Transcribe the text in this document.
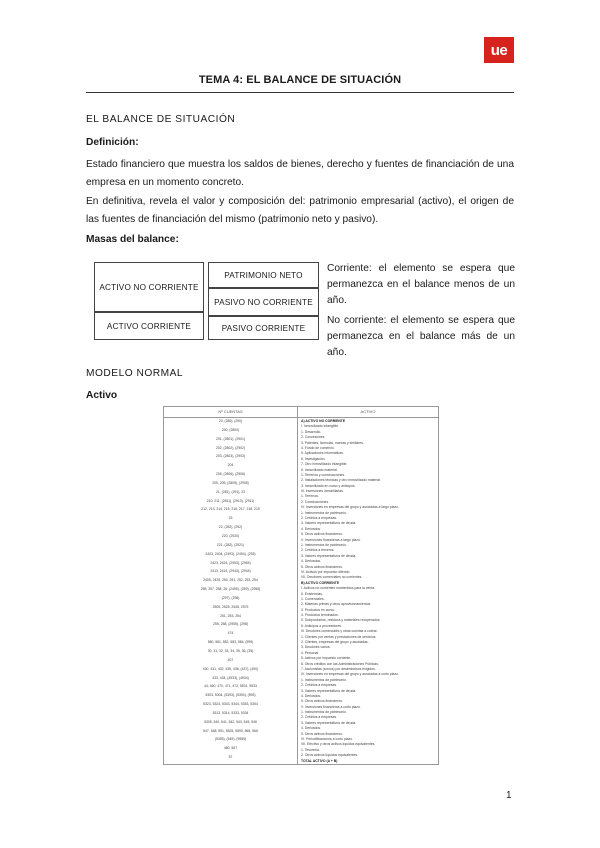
ue
TEMA 4: EL BALANCE DE SITUACIÓN

EL BALANCE DE SITUACIÓN

Definición:

Estado financiero que muestra los saldos de bienes, derecho y fuentes de financiación de una empresa en un momento concreto.

En definitiva, revela el valor y composición del: patrimonio empresarial (activo), el origen de las fuentes de financiación del mismo (patrimonio neto y pasivo).

Masas del balance:

ACTIVO NO CORRIENTE
ACTIVO CORRIENTE
PATRIMONIO NETO
PASIVO NO CORRIENTE
PASIVO CORRIENTE
Corriente: el elemento se espera que permanezca en el balance menos de un año.
No corriente: el elemento se espera que permanezca en el balance más de un año.

MODELO NORMAL

Activo

Nº CUENTAS	ACTIVO
20, (280), (290)
200, (2800)
201, (2801), (2901)
202, (2802), (2902)
203, (2803), (2903)
204
206, (2806), (2906)
205, 209, (2805), (2905)
21, (281), (291), 23
210, 211, (2811), (2910), (2911)
212, 213, 214, 215, 216, 217, 218, 219
23
22, (282), (292)
220, (2920)
221, (282), (2921)
2403, 2404, (2493), (2494), (293)
2423, 2424, (2953), (2954)
2413, 2414, (2943), (2944)
2405, 2425, 250, 251, 252, 253, 254
255, 257, 258, 26, (2495), (259), (2955)
(297), (298)
2505, 2525, 2545, 2575
251, 253, 254
255, 258, (2955), (298)
474
580, 581, 582, 583, 584, (599)
30, 31, 32, 33, 34, 35, 36, (39)
407
430, 431, 432, 435, 436, (437), (490)
433, 434, (4933), (4934)
44, 460, 470, 471, 472, 5531, 5533
5303, 5304, (5393), (5394), (593)
5323, 5324, 5343, 5344, 5353, 5354
5313, 5314, 5333, 5334
5305, 540, 541, 542, 543, 545, 546
547, 548, 551, 5525, 5590, 565, 566
(5395), (549), (5955)
480, 567
57
A) ACTIVO NO CORRIENTE
I. Inmovilizado intangible.
1. Desarrollo.
2. Concesiones.
3. Patentes, licencias, marcas y similares.
4. Fondo de comercio.
5. Aplicaciones informáticas.
6. Investigación.
7. Otro inmovilizado intangible.
II. Inmovilizado material.
1. Terrenos y construcciones.
2. Instalaciones técnicas y otro inmovilizado material.
3. Inmovilizado en curso y anticipos.
III. Inversiones inmobiliarias.
1. Terrenos.
2. Construcciones.
IV. Inversiones en empresas del grupo y asociadas a largo plazo.
1. Instrumentos de patrimonio.
2. Créditos a empresas.
3. Valores representativos de deuda.
4. Derivados.
5. Otros activos financieros.
V. Inversiones financieras a largo plazo.
1. Instrumentos de patrimonio.
2. Créditos a terceros.
3. Valores representativos de deuda.
4. Derivados.
5. Otros activos financieros.
VI. Activos por impuesto diferido.
VII. Deudores comerciales no corrientes.
B) ACTIVO CORRIENTE
I. Activos no corrientes mantenidos para la venta.
II. Existencias.
1. Comerciales.
2. Materias primas y otros aprovisionamientos.
3. Productos en curso.
4. Productos terminados.
5. Subproductos, residuos y materiales recuperados.
6. Anticipos a proveedores.
III. Deudores comerciales y otras cuentas a cobrar.
1. Clientes por ventas y prestaciones de servicios.
2. Clientes, empresas del grupo y asociadas.
3. Deudores varios.
4. Personal.
5. Activos por impuesto corriente.
6. Otros créditos con las Administraciones Públicas.
7. Accionistas (socios) por desembolsos exigidos.
IV. Inversiones en empresas del grupo y asociadas a corto plazo.
1. Instrumentos de patrimonio.
2. Créditos a empresas.
3. Valores representativos de deuda.
4. Derivados.
5. Otros activos financieros.
V. Inversiones financieras a corto plazo.
1. Instrumentos de patrimonio.
2. Créditos a empresas.
3. Valores representativos de deuda.
4. Derivados.
5. Otros activos financieros.
VI. Periodificaciones a corto plazo.
VII. Efectivo y otros activos líquidos equivalentes.
1. Tesorería.
2. Otros activos líquidos equivalentes.
TOTAL ACTIVO (A + B)
1
